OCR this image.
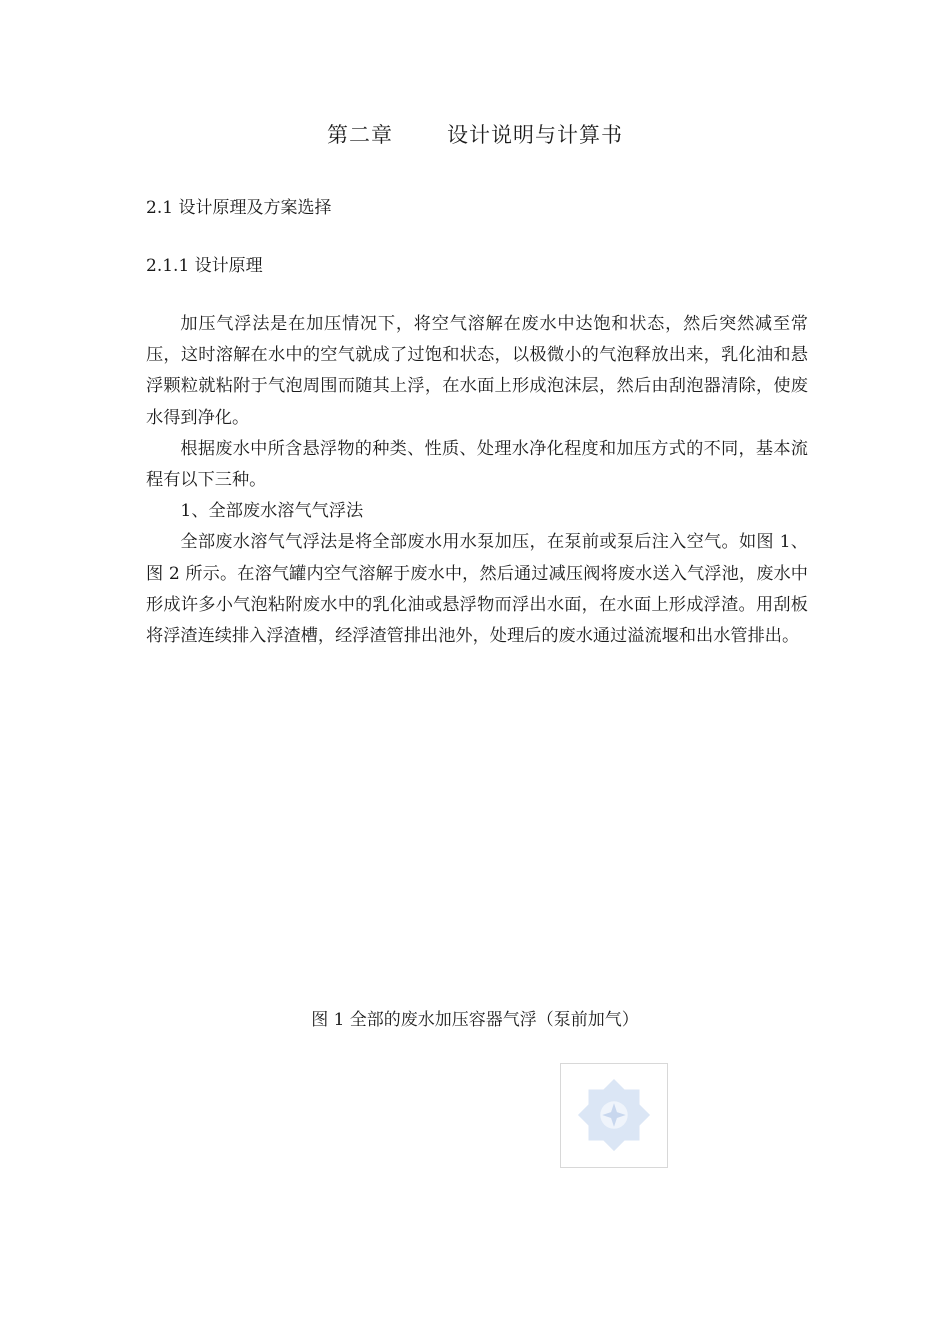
第二章	设计说明与计算书
2.1 设计原理及方案选择
2.1.1 设计原理

加压气浮法是在加压情况下，将空气溶解在废水中达饱和状态，然后突然减至常压，这时溶解在水中的空气就成了过饱和状态，以极微小的气泡释放出来，乳化油和悬浮颗粒就粘附于气泡周围而随其上浮，在水面上形成泡沫层，然后由刮泡器清除，使废水得到净化。

根据废水中所含悬浮物的种类、性质、处理水净化程度和加压方式的不同，基本流程有以下三种。

1、全部废水溶气气浮法

全部废水溶气气浮法是将全部废水用水泵加压，在泵前或泵后注入空气。如图 1、图 2 所示。在溶气罐内空气溶解于废水中，然后通过减压阀将废水送入气浮池，废水中形成许多小气泡粘附废水中的乳化油或悬浮物而浮出水面，在水面上形成浮渣。用刮板将浮渣连续排入浮渣槽，经浮渣管排出池外，处理后的废水通过溢流堰和出水管排出。

图 1 全部的废水加压容器气浮（泵前加气）
